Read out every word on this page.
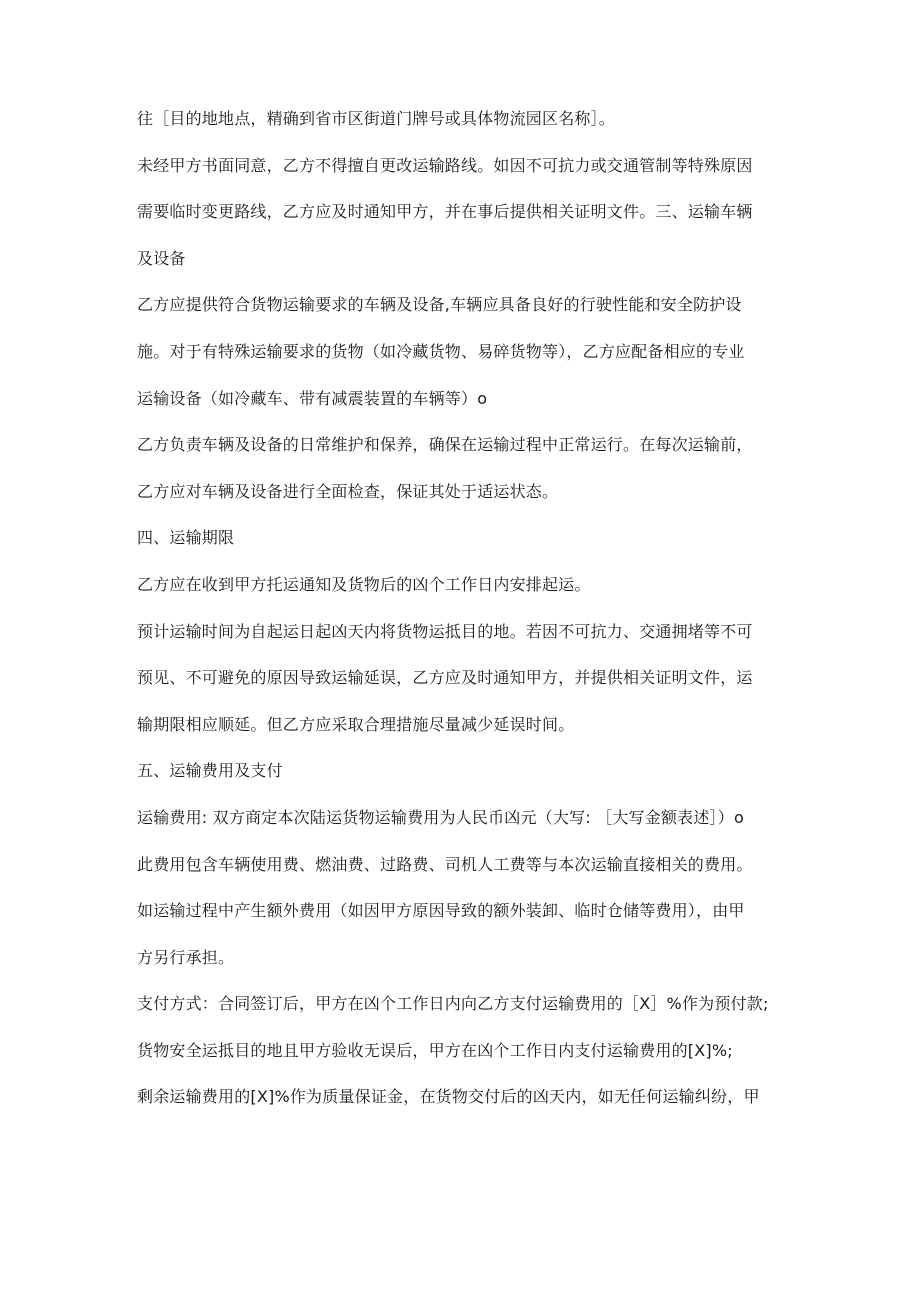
往［目的地地点，精确到省市区街道门牌号或具体物流园区名称］。
未经甲方书面同意，乙方不得擅自更改运输路线。如因不可抗力或交通管制等特殊原因
需要临时变更路线，乙方应及时通知甲方，并在事后提供相关证明文件。三、运输车辆
及设备
乙方应提供符合货物运输要求的车辆及设备,车辆应具备良好的行驶性能和安全防护设
施。对于有特殊运输要求的货物（如冷藏货物、易碎货物等），乙方应配备相应的专业
运输设备（如冷藏车、带有减震装置的车辆等）o
乙方负责车辆及设备的日常维护和保养，确保在运输过程中正常运行。在每次运输前，
乙方应对车辆及设备进行全面检查，保证其处于适运状态。
四、运输期限
乙方应在收到甲方托运通知及货物后的凶个工作日内安排起运。
预计运输时间为自起运日起凶天内将货物运抵目的地。若因不可抗力、交通拥堵等不可
预见、不可避免的原因导致运输延误，乙方应及时通知甲方，并提供相关证明文件，运
输期限相应顺延。但乙方应采取合理措施尽量减少延误时间。
五、运输费用及支付
运输费用: 双方商定本次陆运货物运输费用为人民币凶元（大写: ［大写金额表述］）o
此费用包含车辆使用费、燃油费、过路费、司机人工费等与本次运输直接相关的费用。
如运输过程中产生额外费用（如因甲方原因导致的额外装卸、临时仓储等费用），由甲
方另行承担。
支付方式：合同签订后，甲方在凶个工作日内向乙方支付运输费用的［X］%作为预付款;
货物安全运抵目的地且甲方验收无误后，甲方在凶个工作日内支付运输费用的[X]%;
剩余运输费用的[X]%作为质量保证金，在货物交付后的凶天内，如无任何运输纠纷，甲
